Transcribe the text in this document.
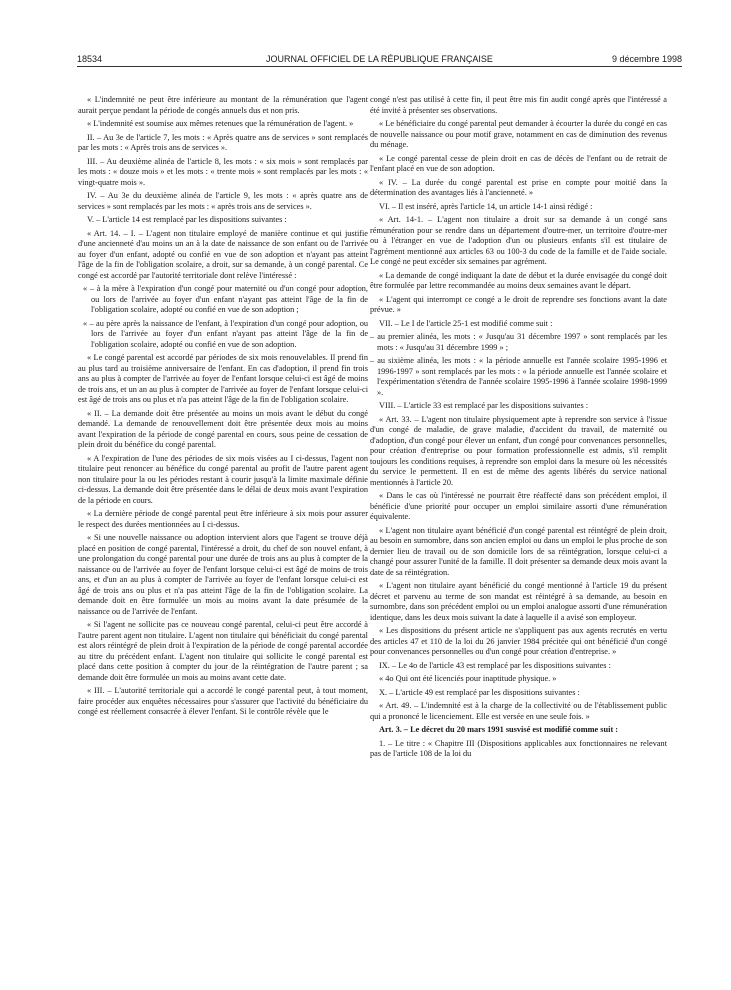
18534	JOURNAL OFFICIEL DE LA RÉPUBLIQUE FRANÇAISE	9 décembre 1998

« L'indemnité ne peut être inférieure au montant de la rémunération que l'agent aurait perçue pendant la période de congés annuels dus et non pris.

« L'indemnité est soumise aux mêmes retenues que la rémunération de l'agent. »

II. – Au 3e de l'article 7, les mots : « Après quatre ans de services » sont remplacés par les mots : « Après trois ans de services ».

III. – Au deuxième alinéa de l'article 8, les mots : « six mois » sont remplacés par les mots : « douze mois » et les mots : « trente mois » sont remplacés par les mots : « vingt-quatre mois ».

IV. – Au 3e du deuxième alinéa de l'article 9, les mots : « après quatre ans de services » sont remplacés par les mots : « après trois ans de services ».

V. – L'article 14 est remplacé par les dispositions suivantes :

« Art. 14. – I. – L'agent non titulaire employé de manière continue et qui justifie d'une ancienneté d'au moins un an à la date de naissance de son enfant ou de l'arrivée au foyer d'un enfant, adopté ou confié en vue de son adoption et n'ayant pas atteint l'âge de la fin de l'obligation scolaire, a droit, sur sa demande, à un congé parental. Ce congé est accordé par l'autorité territoriale dont relève l'intéressé :

« – à la mère à l'expiration d'un congé pour maternité ou d'un congé pour adoption, ou lors de l'arrivée au foyer d'un enfant n'ayant pas atteint l'âge de la fin de l'obligation scolaire, adopté ou confié en vue de son adoption ;

« – au père après la naissance de l'enfant, à l'expiration d'un congé pour adoption, ou lors de l'arrivée au foyer d'un enfant n'ayant pas atteint l'âge de la fin de l'obligation scolaire, adopté ou confié en vue de son adoption.

« Le congé parental est accordé par périodes de six mois renouvelables. Il prend fin au plus tard au troisième anniversaire de l'enfant. En cas d'adoption, il prend fin trois ans au plus à compter de l'arrivée au foyer de l'enfant lorsque celui-ci est âgé de moins de trois ans, et un an au plus à compter de l'arrivée au foyer de l'enfant lorsque celui-ci est âgé de trois ans ou plus et n'a pas atteint l'âge de la fin de l'obligation scolaire.

« II. – La demande doit être présentée au moins un mois avant le début du congé demandé. La demande de renouvellement doit être présentée deux mois au moins avant l'expiration de la période de congé parental en cours, sous peine de cessation de plein droit du bénéfice du congé parental.

« A l'expiration de l'une des périodes de six mois visées au I ci-dessus, l'agent non titulaire peut renoncer au bénéfice du congé parental au profit de l'autre parent agent non titulaire pour la ou les périodes restant à courir jusqu'à la limite maximale définie ci-dessus. La demande doit être présentée dans le délai de deux mois avant l'expiration de la période en cours.

« La dernière période de congé parental peut être inférieure à six mois pour assurer le respect des durées mentionnées au I ci-dessus.

« Si une nouvelle naissance ou adoption intervient alors que l'agent se trouve déjà placé en position de congé parental, l'intéressé a droit, du chef de son nouvel enfant, à une prolongation du congé parental pour une durée de trois ans au plus à compter de la naissance ou de l'arrivée au foyer de l'enfant lorsque celui-ci est âgé de moins de trois ans, et d'un an au plus à compter de l'arrivée au foyer de l'enfant lorsque celui-ci est âgé de trois ans ou plus et n'a pas atteint l'âge de la fin de l'obligation scolaire. La demande doit en être formulée un mois au moins avant la date présumée de la naissance ou de l'arrivée de l'enfant.

« Si l'agent ne sollicite pas ce nouveau congé parental, celui-ci peut être accordé à l'autre parent agent non titulaire. L'agent non titulaire qui bénéficiait du congé parental est alors réintégré de plein droit à l'expiration de la période de congé parental accordée au titre du précédent enfant. L'agent non titulaire qui sollicite le congé parental est placé dans cette position à compter du jour de la réintégration de l'autre parent ; sa demande doit être formulée un mois au moins avant cette date.

« III. – L'autorité territoriale qui a accordé le congé parental peut, à tout moment, faire procéder aux enquêtes nécessaires pour s'assurer que l'activité du bénéficiaire du congé est réellement consacrée à élever l'enfant. Si le contrôle révèle que le

congé n'est pas utilisé à cette fin, il peut être mis fin audit congé après que l'intéressé a été invité à présenter ses observations.

« Le bénéficiaire du congé parental peut demander à écourter la durée du congé en cas de nouvelle naissance ou pour motif grave, notamment en cas de diminution des revenus du ménage.

« Le congé parental cesse de plein droit en cas de décès de l'enfant ou de retrait de l'enfant placé en vue de son adoption.

« IV. – La durée du congé parental est prise en compte pour moitié dans la détermination des avantages liés à l'ancienneté. »

VI. – Il est inséré, après l'article 14, un article 14-1 ainsi rédigé :

« Art. 14-1. – L'agent non titulaire a droit sur sa demande à un congé sans rémunération pour se rendre dans un département d'outre-mer, un territoire d'outre-mer ou à l'étranger en vue de l'adoption d'un ou plusieurs enfants s'il est titulaire de l'agrément mentionné aux articles 63 ou 100-3 du code de la famille et de l'aide sociale. Le congé ne peut excéder six semaines par agrément.

« La demande de congé indiquant la date de début et la durée envisagée du congé doit être formulée par lettre recommandée au moins deux semaines avant le départ.

« L'agent qui interrompt ce congé a le droit de reprendre ses fonctions avant la date prévue. »

VII. – Le I de l'article 25-1 est modifié comme suit :

– au premier alinéa, les mots : « Jusqu'au 31 décembre 1997 » sont remplacés par les mots : « Jusqu'au 31 décembre 1999 » ;

– au sixième alinéa, les mots : « la période annuelle est l'année scolaire 1995-1996 et 1996-1997 » sont remplacés par les mots : « la période annuelle est l'année scolaire et l'expérimentation s'étendra de l'année scolaire 1995-1996 à l'année scolaire 1998-1999 ».

VIII. – L'article 33 est remplacé par les dispositions suivantes :

« Art. 33. – L'agent non titulaire physiquement apte à reprendre son service à l'issue d'un congé de maladie, de grave maladie, d'accident du travail, de maternité ou d'adoption, d'un congé pour élever un enfant, d'un congé pour convenances personnelles, pour création d'entreprise ou pour formation professionnelle est admis, s'il remplit toujours les conditions requises, à reprendre son emploi dans la mesure où les nécessités du service le permettent. Il en est de même des agents libérés du service national mentionnés à l'article 20.

« Dans le cas où l'intéressé ne pourrait être réaffecté dans son précédent emploi, il bénéficie d'une priorité pour occuper un emploi similaire assorti d'une rémunération équivalente.

« L'agent non titulaire ayant bénéficié d'un congé parental est réintégré de plein droit, au besoin en surnombre, dans son ancien emploi ou dans un emploi le plus proche de son dernier lieu de travail ou de son domicile lors de sa réintégration, lorsque celui-ci a changé pour assurer l'unité de la famille. Il doit présenter sa demande deux mois avant la date de sa réintégration.

« L'agent non titulaire ayant bénéficié du congé mentionné à l'article 19 du présent décret et parvenu au terme de son mandat est réintégré à sa demande, au besoin en surnombre, dans son précédent emploi ou un emploi analogue assorti d'une rémunération identique, dans les deux mois suivant la date à laquelle il a avisé son employeur.

« Les dispositions du présent article ne s'appliquent pas aux agents recrutés en vertu des articles 47 et 110 de la loi du 26 janvier 1984 précitée qui ont bénéficié d'un congé pour convenances personnelles ou d'un congé pour création d'entreprise. »

IX. – Le 4o de l'article 43 est remplacé par les dispositions suivantes :

« 4o Qui ont été licenciés pour inaptitude physique. »

X. – L'article 49 est remplacé par les dispositions suivantes :

« Art. 49. – L'indemnité est à la charge de la collectivité ou de l'établissement public qui a prononcé le licenciement. Elle est versée en une seule fois. »

Art. 3. – Le décret du 20 mars 1991 susvisé est modifié comme suit :

1. – Le titre : « Chapitre III (Dispositions applicables aux fonctionnaires ne relevant pas de l'article 108 de la loi du
